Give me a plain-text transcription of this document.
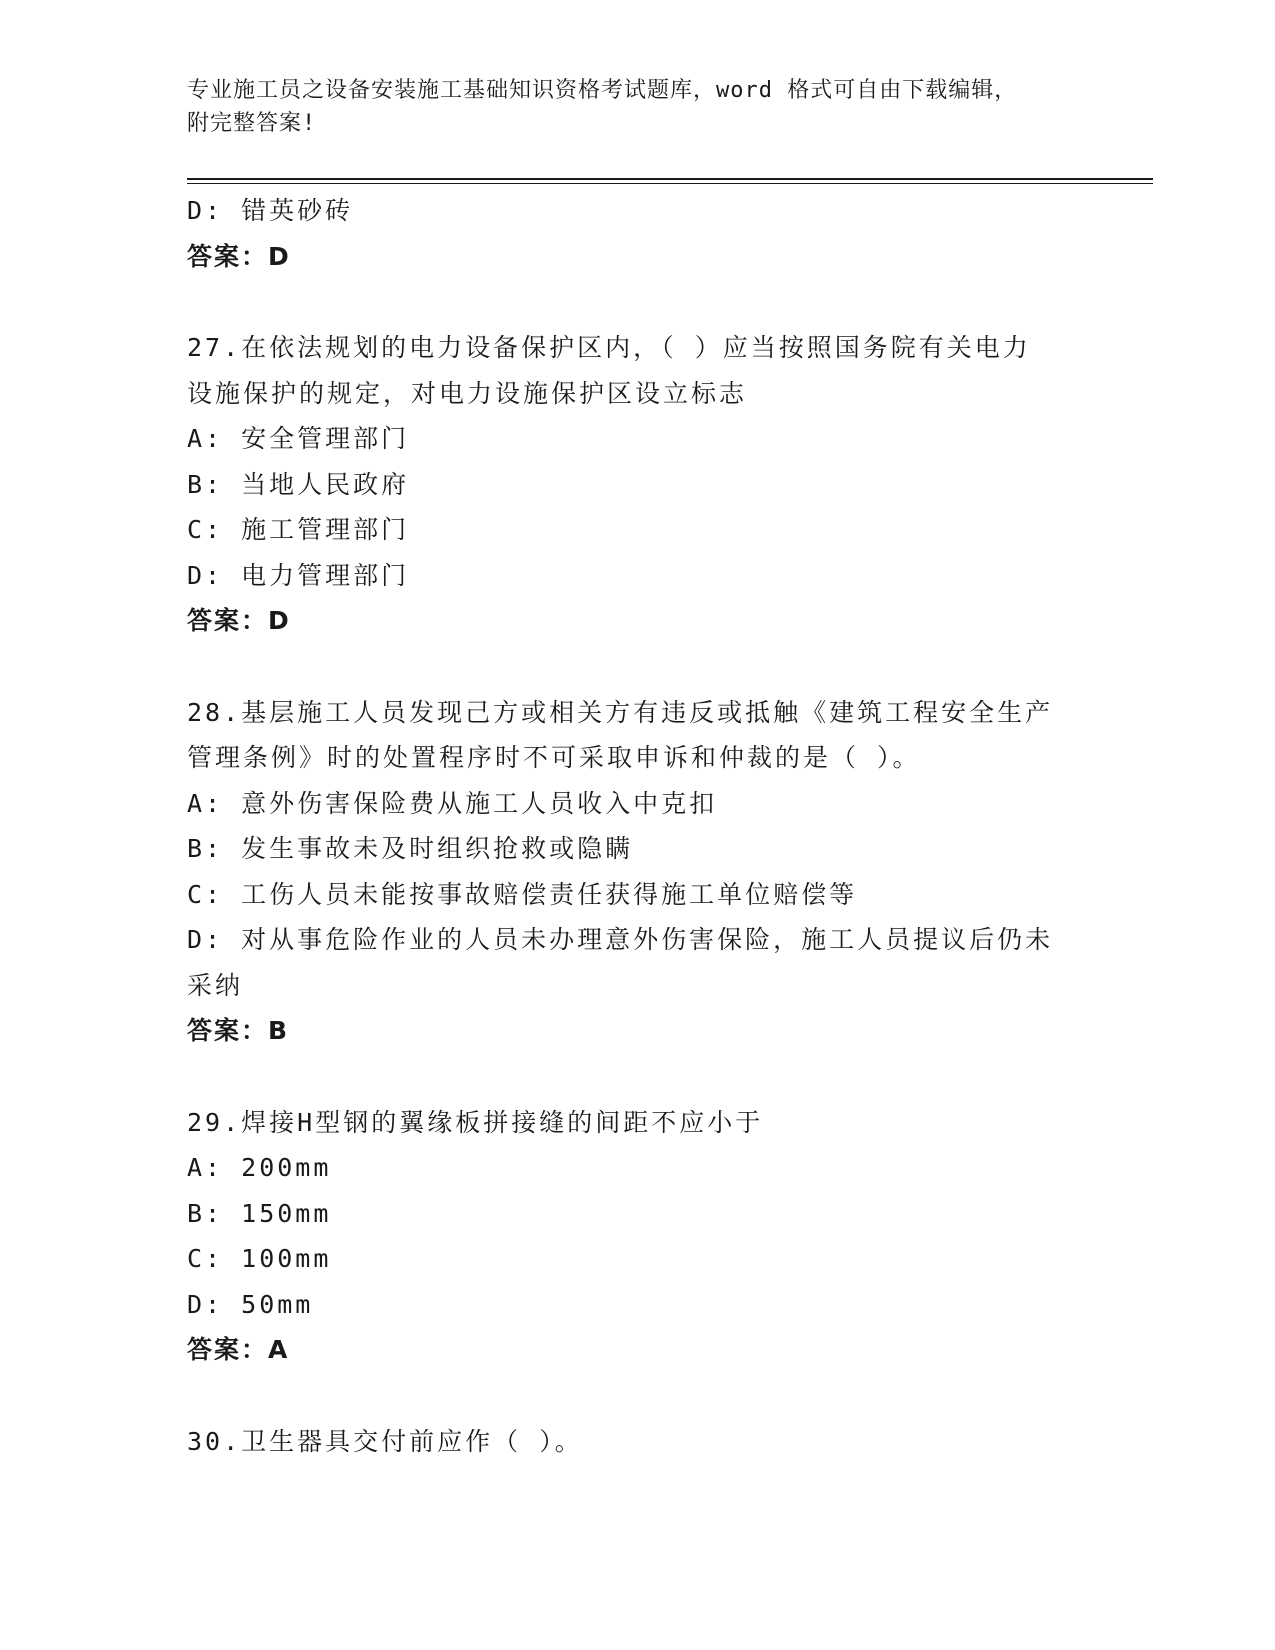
专业施工员之设备安装施工基础知识资格考试题库，word 格式可自由下载编辑，
附完整答案!
D: 错英砂砖
答案：D
27.在依法规划的电力设备保护区内，（ ）应当按照国务院有关电力
设施保护的规定，对电力设施保护区设立标志
A: 安全管理部门
B: 当地人民政府
C: 施工管理部门
D: 电力管理部门
答案：D
28.基层施工人员发现己方或相关方有违反或抵触《建筑工程安全生产
管理条例》时的处置程序时不可采取申诉和仲裁的是（ ）。
A: 意外伤害保险费从施工人员收入中克扣
B: 发生事故未及时组织抢救或隐瞒
C: 工伤人员未能按事故赔偿责任获得施工单位赔偿等
D: 对从事危险作业的人员未办理意外伤害保险，施工人员提议后仍未
采纳
答案：B
29.焊接H型钢的翼缘板拼接缝的间距不应小于
A: 200mm
B: 150mm
C: 100mm
D: 50mm
答案：A
30.卫生器具交付前应作（ ）。
